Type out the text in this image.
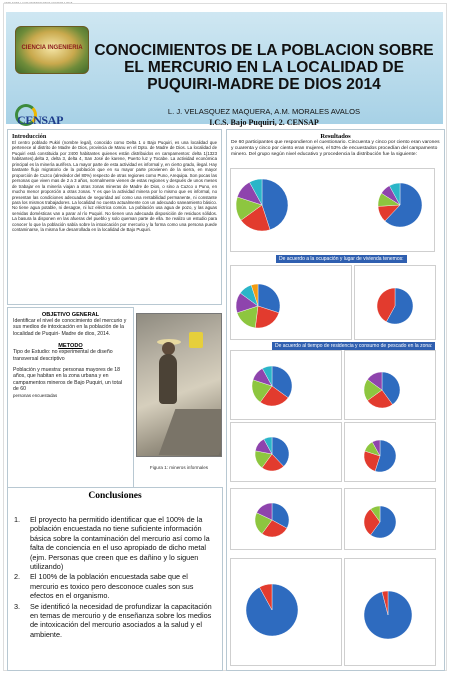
CIENCIA INGENIERIA
CENSAP
CONOCIMIENTOS DE LA POBLACION SOBRE EL MERCURIO EN LA LOCALIDAD DE PUQUIRI-MADRE DE DIOS 2014
L. J. VELASQUEZ MAQUERA, A.M. MORALES AVALOS
I.C.S. Bajo Puquiri, 2. CENSAP
Introducción
El centro poblado Pukiri (nombre legal), conocido como Delta 1 o Bajo Puquiri, es una localidad que pertenece al distrito de Madre de Dios, provincia de Manu en el Dpto. de Madre de Dios. La localidad de Puquiri está constituida por 2400 habitantes quienes están distribuidos en campamentos: delta 1(1323 habitantes),delta 2, delta 3, delta 4, San José de karene, Puerto luz y Tocabe. La actividad económica principal es la minería aurífera. La mayor parte de esta actividad es informal y, en cierto grado, ilegal. Hay bastante flujo migratorio de la población que en su mayor parte provienen de la sierra, en mayor proporción de Cuzco (alrededor del 80%) respecto de otras regiones como Puno, Arequipa. Son pocas las personas que viven mas de 2 a 3 años, normalmente vienen de estas regiones y después de unos meses de trabajar en la minería viajan a otras zonas mineras de Madre de Dios, o sino a Cuzco o Puno, en mucho menor proporción a otras zonas. Y es que la actividad minera por lo mismo que es informal, no presentan las condiciones adecuadas de seguridad así como una rentabilidad permanente, ni constante para los mismos trabajadores. La localidad no cuenta actualmente con un adecuado saneamiento básico. No tiene agua potable, ni desagüe, ni luz eléctrica común. La población usa agua de pozo, y las aguas servidas domésticas van a parar al río Puquiri. No tienen una adecuada disposición de residuos sólidos. La basura la disponen en las afueras del pueblo y solo queman parte de ella. Se realizo un estudio para conocer lo que la población sabía sobre la intoxicación por mercurio y la forma como una persona puede contaminarse, la misma fue desarrollada en la localidad de Bajo Puquiri.
OBJETIVO GENERAL
Identificar el nivel de conocimiento del mercurio y sus medios de intoxicación en la población de la localidad de Puquiri- Madre de dios, 2014.
METODO
Tipo de Estudio: no experimental de diseño transversal descriptivo
Población y muestra: personas mayores de 18 años, que habitan en la zona urbana y en campamentos mineros de Bajo Puquiri, un total de 60
personas encuestadas
Figura 1: mineros informales
Conclusiones
1.	El proyecto ha permitido identificar que el 100% de la población encuestada no tiene suficiente información básica sobre la contaminación del mercurio así como la falta de conciencia en el uso apropiado de dicho metal (ejm. Personas que creen que es dañino y lo siguen utilizando)
2.	El 100% de la población encuestada sabe que el mercurio es toxico pero desconoce cuales son sus efectos en el organismo.
3.	Se identificó la necesidad de profundizar la capacitación en temas de mercurio y de enseñanza sobre los medios de intoxicación del mercurio asociados a la salud y el ambiente.
Resultados
De 60 participantes que respondieron el cuestionario. Cincuenta y cinco por ciento eran varones y cuarenta y cinco por ciento eran mujeres, el 53% de encuestados procedían del campamento minero. Del grupo según nivel educativo y procedencia la distribución fue la siguiente:
De acuerdo a la ocupación y lugar de vivienda tenemos:
De acuerdo al tiempo de residencia y consumo de pescado en la zona:
